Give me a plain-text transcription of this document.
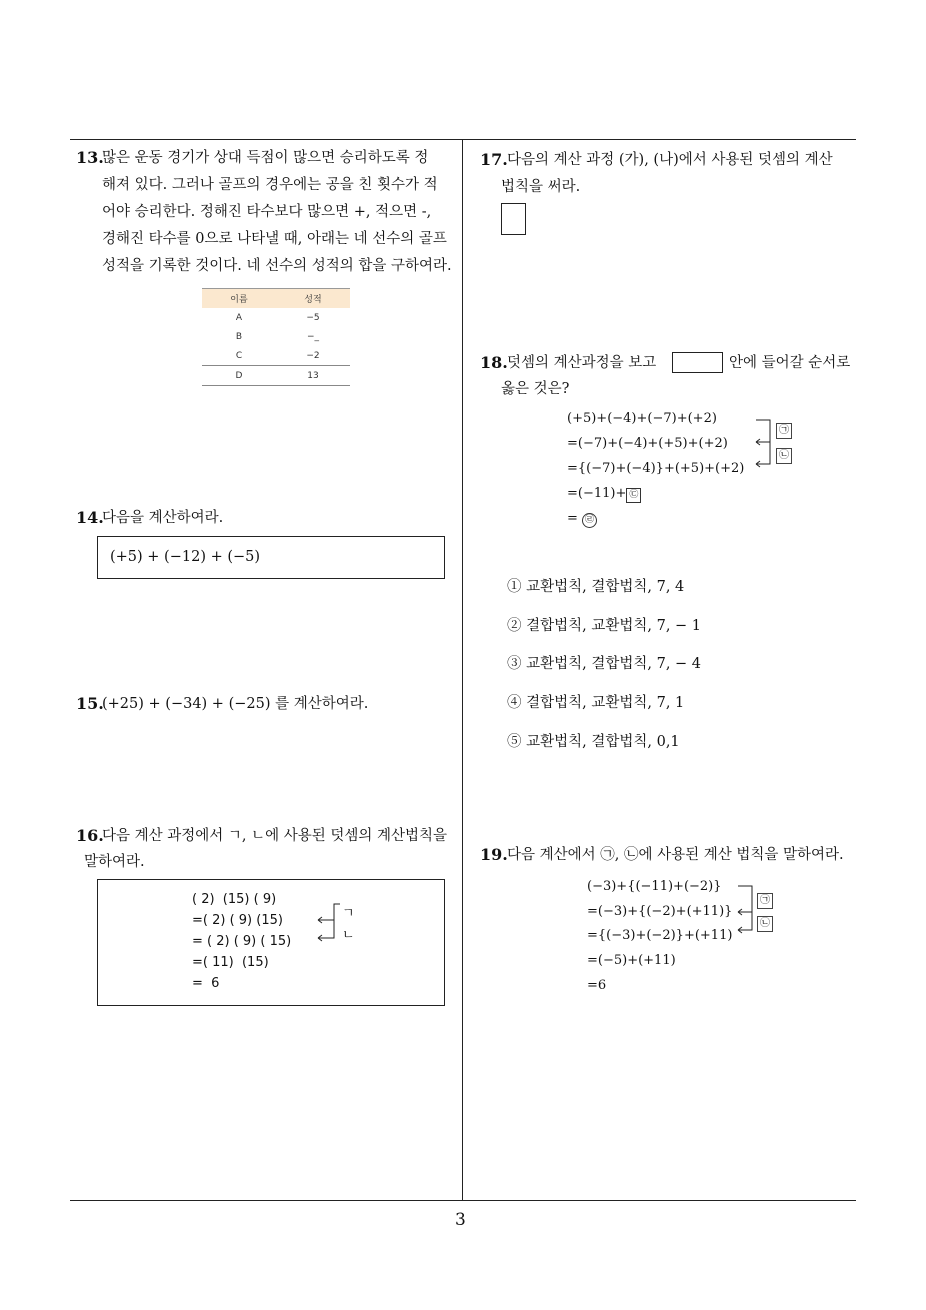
3
13.
많은 운동 경기가 상대 득점이 많으면 승리하도록 정
해져 있다. 그러나 골프의 경우에는 공을 친 횟수가 적
어야 승리한다. 정해진 타수보다 많으면 +, 적으면 -,
경해진 타수를 0으로 나타낼 때, 아래는 네 선수의 골프
성적을 기록한 것이다. 네 선수의 성적의 합을 구하여라.
이름	성적
A	−5
B	−_
C	−2
D	13
14.
다음을 계산하여라.
(+5) + (−12) + (−5)
15.
(+25) + (−34) + (−25) 를 계산하여라.
16.
다음 계산 과정에서 ㄱ, ㄴ에 사용된 덧셈의 계산법칙을
말하여라.
( 2)  (15) ( 9)
=( 2) ( 9) (15)
= ( 2) ( 9) ( 15)
=( 11)  (15)
=  6
ㄱ
ㄴ
17. 다음의 계산 과정 (가), (나)에서 사용된 덧셈의 계산
법칙을 써라.
18. 덧셈의 계산과정을 보고	안에 들어갈 순서로
옳은 것은?
(+5)+(−4)+(−7)+(+2)
=(−7)+(−4)+(+5)+(+2)
={(−7)+(−4)}+(+5)+(+2)
=(−11)+ ㉢
= ㉣
㉠
㉡
① 교환법칙, 결합법칙, 7, 4
② 결합법칙, 교환법칙, 7, − 1
③ 교환법칙, 결합법칙, 7, − 4
④ 결합법칙, 교환법칙, 7, 1
⑤ 교환법칙, 결합법칙, 0,1
19. 다음 계산에서 ㉠, ㉡에 사용된 계산 법칙을 말하여라.
(−3)+{(−11)+(−2)}
=(−3)+{(−2)+(+11)}
={(−3)+(−2)}+(+11)
=(−5)+(+11)
=6
㉠
㉡
